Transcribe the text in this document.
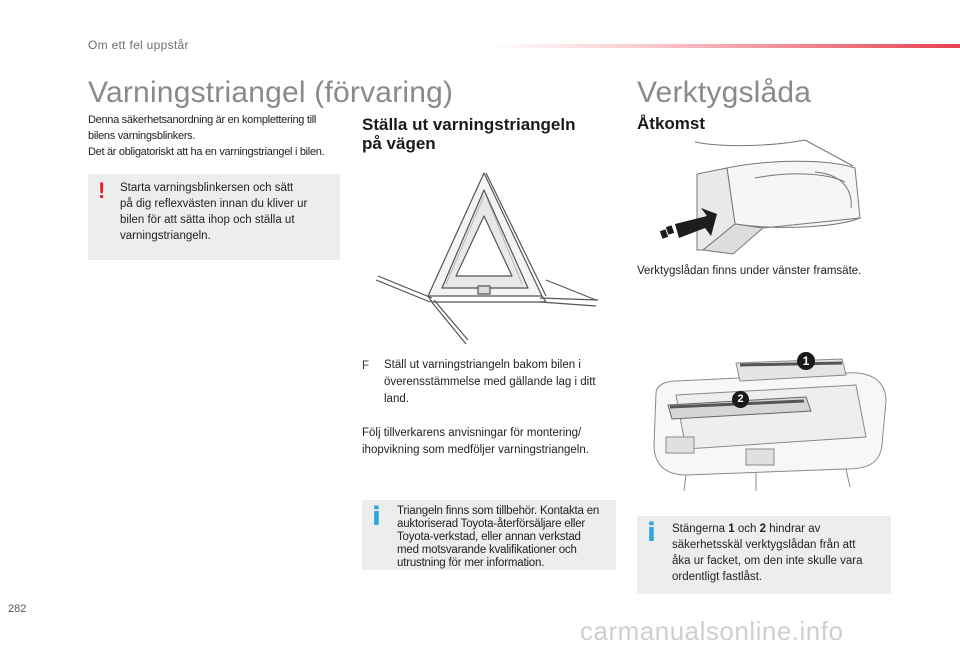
Om ett fel uppstår
Varningstriangel (förvaring)
Denna säkerhetsanordning är en komplettering till
bilens varningsblinkers.
Det är obligatoriskt att ha en varningstriangel i bilen.
! Starta varningsblinkersen och sätt
på dig reflexvästen innan du kliver ur
bilen för att sätta ihop och ställa ut
varningstriangeln.
Ställa ut varningstriangeln
på vägen
F Ställ ut varningstriangeln bakom bilen i
överensstämmelse med gällande lag i ditt
land.
Följ tillverkarens anvisningar för montering/
ihopvikning som medföljer varningstriangeln.
i Triangeln finns som tillbehör. Kontakta en
auktoriserad Toyota-återförsäljare eller
Toyota-verkstad, eller annan verkstad
med motsvarande kvalifikationer och
utrustning för mer information.
Verktygslåda
Åtkomst
Verktygslådan finns under vänster framsäte.
1
2
i Stängerna 1 och 2 hindrar av
säkerhetsskäl verktygslådan från att
åka ur facket, om den inte skulle vara
ordentligt fastlåst.
282
carmanualsonline.info
